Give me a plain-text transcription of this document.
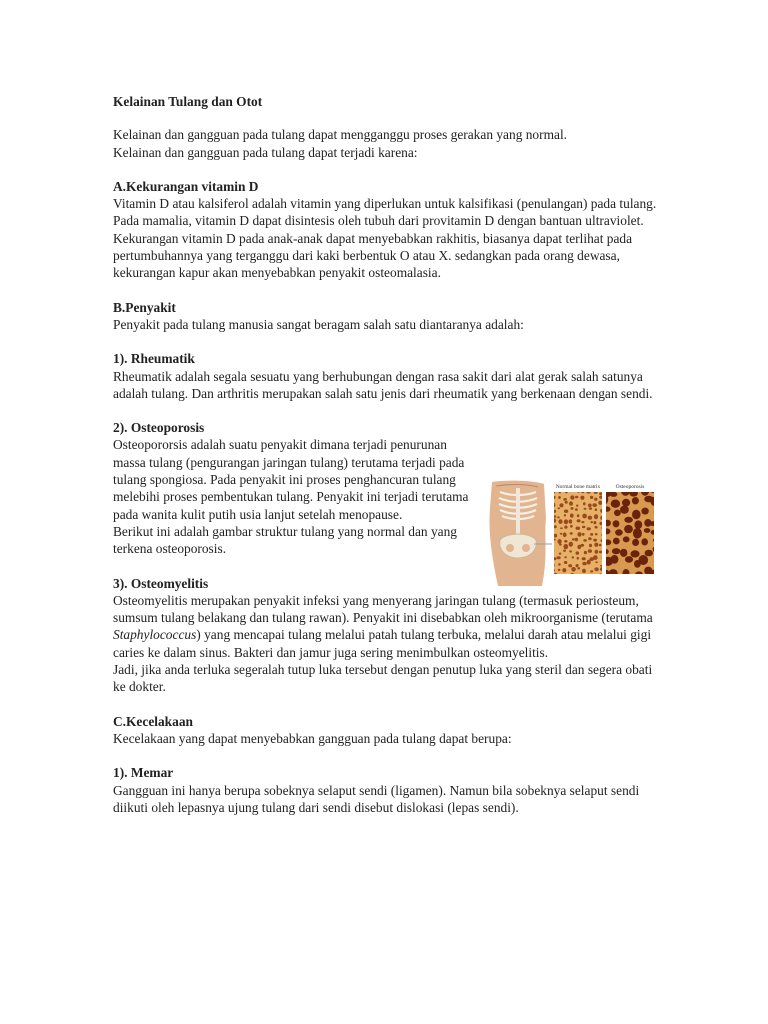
Kelainan Tulang dan Otot

Kelainan dan gangguan pada tulang dapat mengganggu proses gerakan yang normal.

Kelainan dan gangguan pada tulang dapat terjadi karena:

A.Kekurangan vitamin D

Vitamin D atau kalsiferol adalah vitamin yang diperlukan untuk kalsifikasi (penulangan) pada tulang. Pada mamalia, vitamin D dapat disintesis oleh tubuh dari provitamin D dengan bantuan ultraviolet. Kekurangan vitamin D pada anak-anak dapat menyebabkan rakhitis, biasanya dapat terlihat pada pertumbuhannya yang terganggu dari kaki berbentuk O atau X. sedangkan pada orang dewasa, kekurangan kapur akan menyebabkan penyakit osteomalasia.

B.Penyakit

Penyakit pada tulang manusia sangat beragam salah satu diantaranya adalah:

1). Rheumatik

Rheumatik adalah segala sesuatu yang berhubungan dengan rasa sakit dari alat gerak salah satunya adalah tulang. Dan arthritis merupakan salah satu jenis dari rheumatik yang berkenaan dengan sendi.

2). Osteoporosis

Osteopororsis adalah suatu penyakit dimana terjadi penurunan massa tulang (pengurangan jaringan tulang) terutama terjadi pada tulang spongiosa. Pada penyakit ini proses penghancuran tulang melebihi proses pembentukan tulang. Penyakit ini terjadi terutama pada wanita kulit putih usia lanjut setelah menopause.

Berikut ini adalah gambar struktur tulang yang normal dan yang terkena osteoporosis.

3). Osteomyelitis

Osteomyelitis merupakan penyakit infeksi yang menyerang jaringan tulang (termasuk periosteum, sumsum tulang belakang dan tulang rawan). Penyakit ini disebabkan oleh mikroorganisme (terutama Staphylococcus) yang mencapai tulang melalui patah tulang terbuka, melalui darah atau melalui gigi caries ke dalam sinus. Bakteri dan jamur juga sering menimbulkan osteomyelitis.

Jadi, jika anda terluka segeralah tutup luka tersebut dengan penutup luka yang steril dan segera obati ke dokter.

C.Kecelakaan

Kecelakaan yang dapat menyebabkan gangguan pada tulang dapat berupa:

1). Memar

Gangguan ini hanya berupa sobeknya selaput sendi (ligamen). Namun bila sobeknya selaput sendi diikuti oleh lepasnya ujung tulang dari sendi disebut dislokasi (lepas sendi).

Normal bone matrix	Osteoporosis
